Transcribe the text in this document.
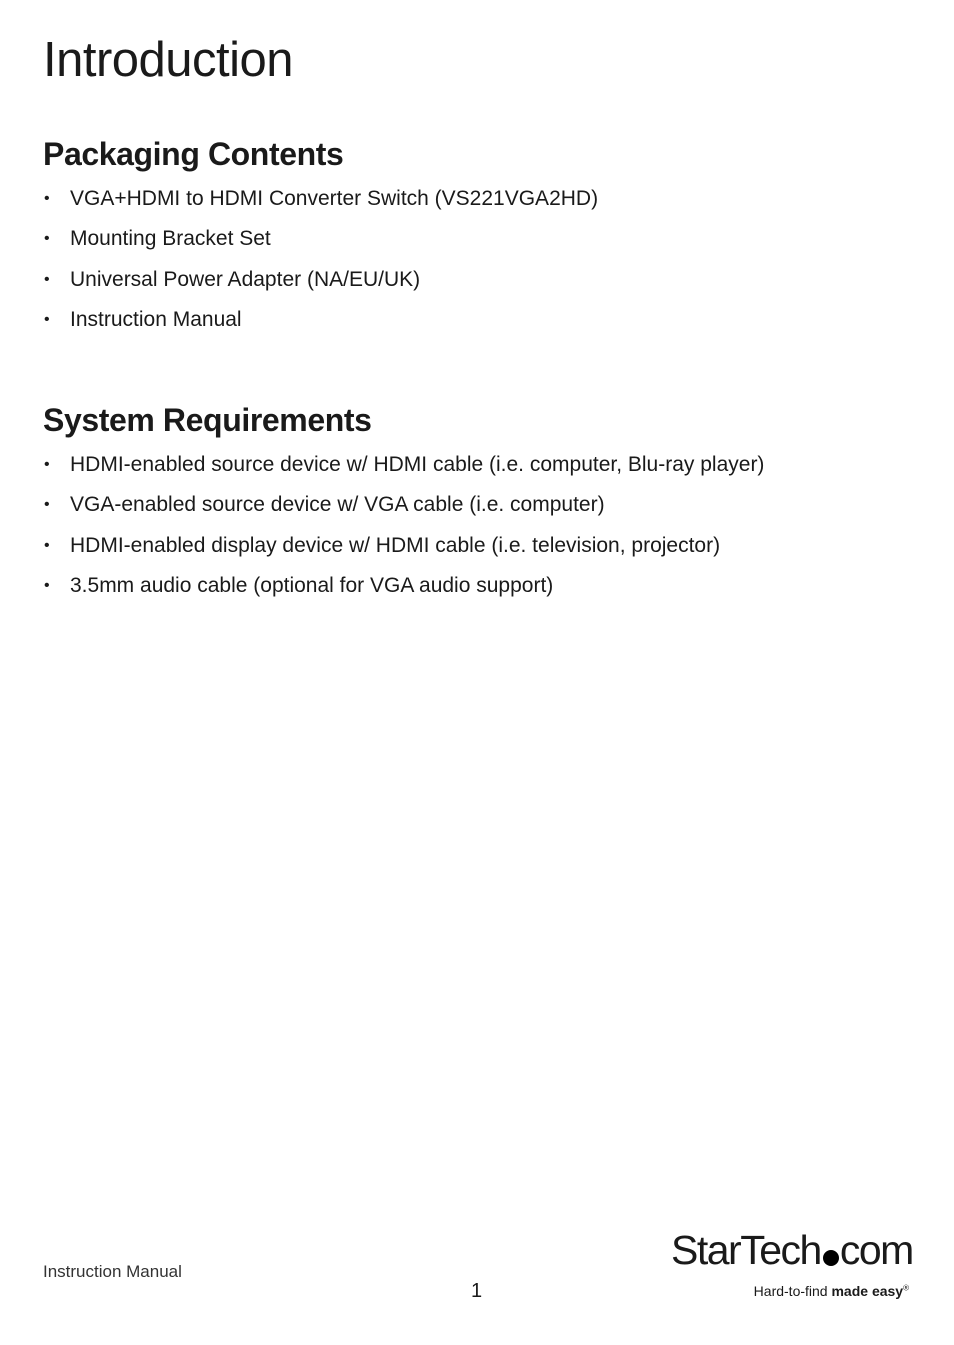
Introduction
Packaging Contents
• VGA+HDMI to HDMI Converter Switch (VS221VGA2HD)
• Mounting Bracket Set
• Universal Power Adapter (NA/EU/UK)
• Instruction Manual
System Requirements
• HDMI-enabled source device w/ HDMI cable (i.e. computer, Blu-ray player)
• VGA-enabled source device w/ VGA cable (i.e. computer)
• HDMI-enabled display device w/ HDMI cable (i.e. television, projector)
• 3.5mm audio cable (optional for VGA audio support)
Instruction Manual
1
StarTech com
Hard-to-find made easy®
